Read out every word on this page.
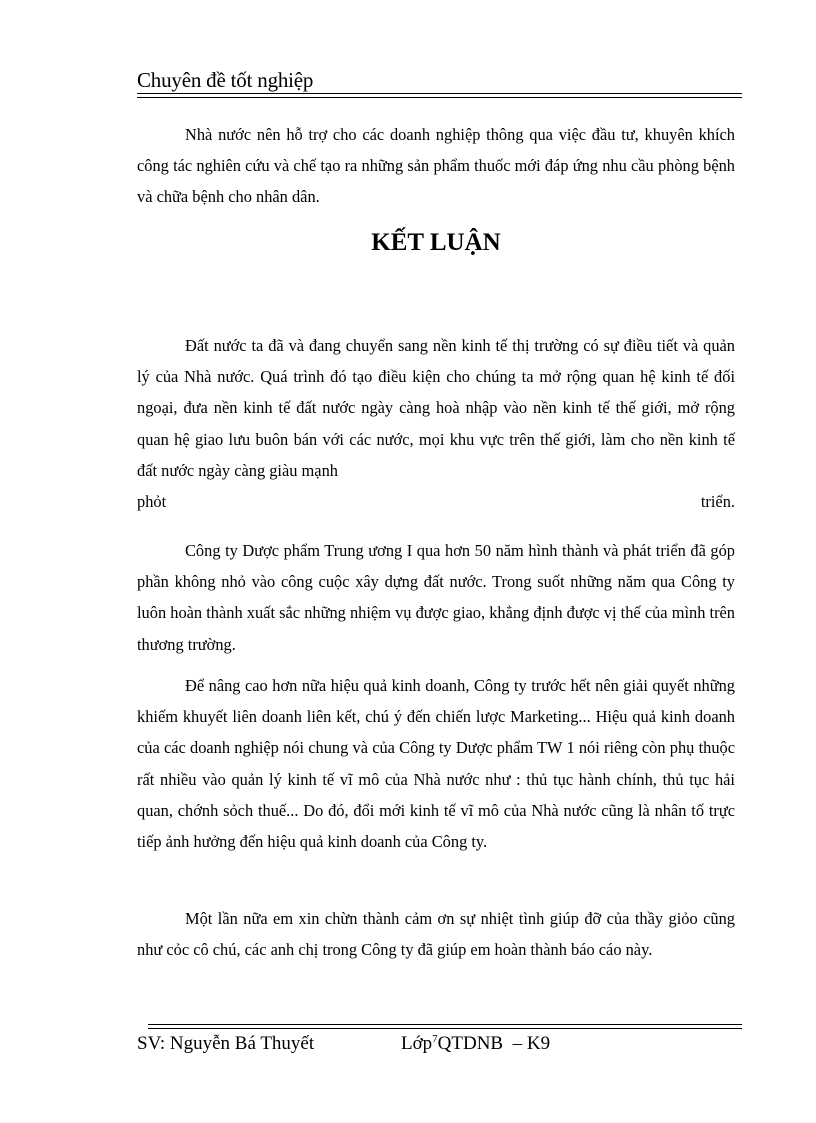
Chuyên đề tốt nghiệp

Nhà nước nên hỗ trợ cho các doanh nghiệp thông qua việc đầu tư, khuyên khích công tác nghiên cứu và chế tạo ra những sản phẩm thuốc mới đáp ứng nhu cầu phòng bệnh và chữa bệnh cho nhân dân.

KẾT LUẬN

Đất nước ta đã và đang chuyển sang nền kinh tế thị trường có sự điều tiết và quản lý của Nhà nước. Quá trình đó tạo điều kiện cho chúng ta mở rộng quan hệ kinh tế đối ngoại, đưa nền kinh tế đất nước ngày càng hoà nhập vào nền kinh tế thế giới, mở rộng quan hệ giao lưu buôn bán với các nước, mọi khu vực trên thế giới, làm cho nền kinh tế đất nước ngày càng giàu mạnh

phỏt	triển.

Công ty Dược phẩm Trung ương I qua hơn 50 năm hình thành và phát triển đã góp phần không nhỏ vào công cuộc xây dựng đất nước. Trong suốt những năm qua Công ty luôn hoàn thành xuất sắc những nhiệm vụ được giao, khẳng định được vị thế của mình trên thương trường.

Để nâng cao hơn nữa hiệu quả kinh doanh, Công ty trước hết nên giải quyết những khiếm khuyết liên doanh liên kết, chú ý đến chiến lược Marketing... Hiệu quả kinh doanh của các doanh nghiệp nói chung và của Công ty Dược phẩm TW 1 nói riêng còn phụ thuộc rất nhiều vào quản lý kinh tế vĩ mô của Nhà nước như : thủ tục hành chính, thủ tục hải quan, chớnh sỏch thuế... Do đó, đổi mới kinh tế vĩ mô của Nhà nước cũng là nhân tố trực tiếp ảnh hưởng đến hiệu quả kinh doanh của Công ty.

Một lần nữa em xin chừn thành cảm ơn sự nhiệt tình giúp đỡ của thầy giỏo cũng như cỏc cô chú, các anh chị trong Công ty đã giúp em hoàn thành báo cáo này.

SV: Nguyễn Bá Thuyết	Lớp$^7$QTDNB  – K9
